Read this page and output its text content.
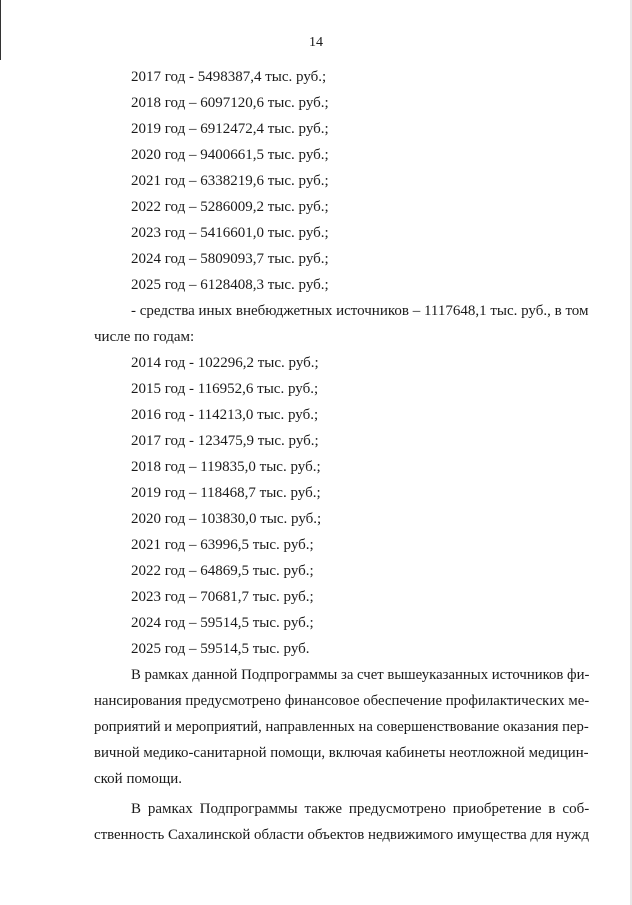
14
2017 год - 5498387,4 тыс. руб.;
2018 год – 6097120,6 тыс. руб.;
2019 год – 6912472,4 тыс. руб.;
2020 год – 9400661,5 тыс. руб.;
2021 год – 6338219,6 тыс. руб.;
2022 год – 5286009,2 тыс. руб.;
2023 год – 5416601,0 тыс. руб.;
2024 год – 5809093,7 тыс. руб.;
2025 год – 6128408,3 тыс. руб.;
- средства иных внебюджетных источников – 1117648,1 тыс. руб., в том
числе по годам:
2014 год - 102296,2 тыс. руб.;
2015 год - 116952,6 тыс. руб.;
2016 год - 114213,0 тыс. руб.;
2017 год - 123475,9 тыс. руб.;
2018 год – 119835,0 тыс. руб.;
2019 год – 118468,7 тыс. руб.;
2020 год – 103830,0 тыс. руб.;
2021 год – 63996,5 тыс. руб.;
2022 год – 64869,5 тыс. руб.;
2023 год – 70681,7 тыс. руб.;
2024 год – 59514,5 тыс. руб.;
2025 год – 59514,5 тыс. руб.
В рамках данной Подпрограммы за счет вышеуказанных источников фи-
нансирования предусмотрено финансовое обеспечение профилактических ме-
роприятий и мероприятий, направленных на совершенствование оказания пер-
вичной медико-санитарной помощи, включая кабинеты неотложной медицин-
ской помощи.
В рамках Подпрограммы также предусмотрено приобретение в соб-
ственность Сахалинской области объектов недвижимого имущества для нужд
